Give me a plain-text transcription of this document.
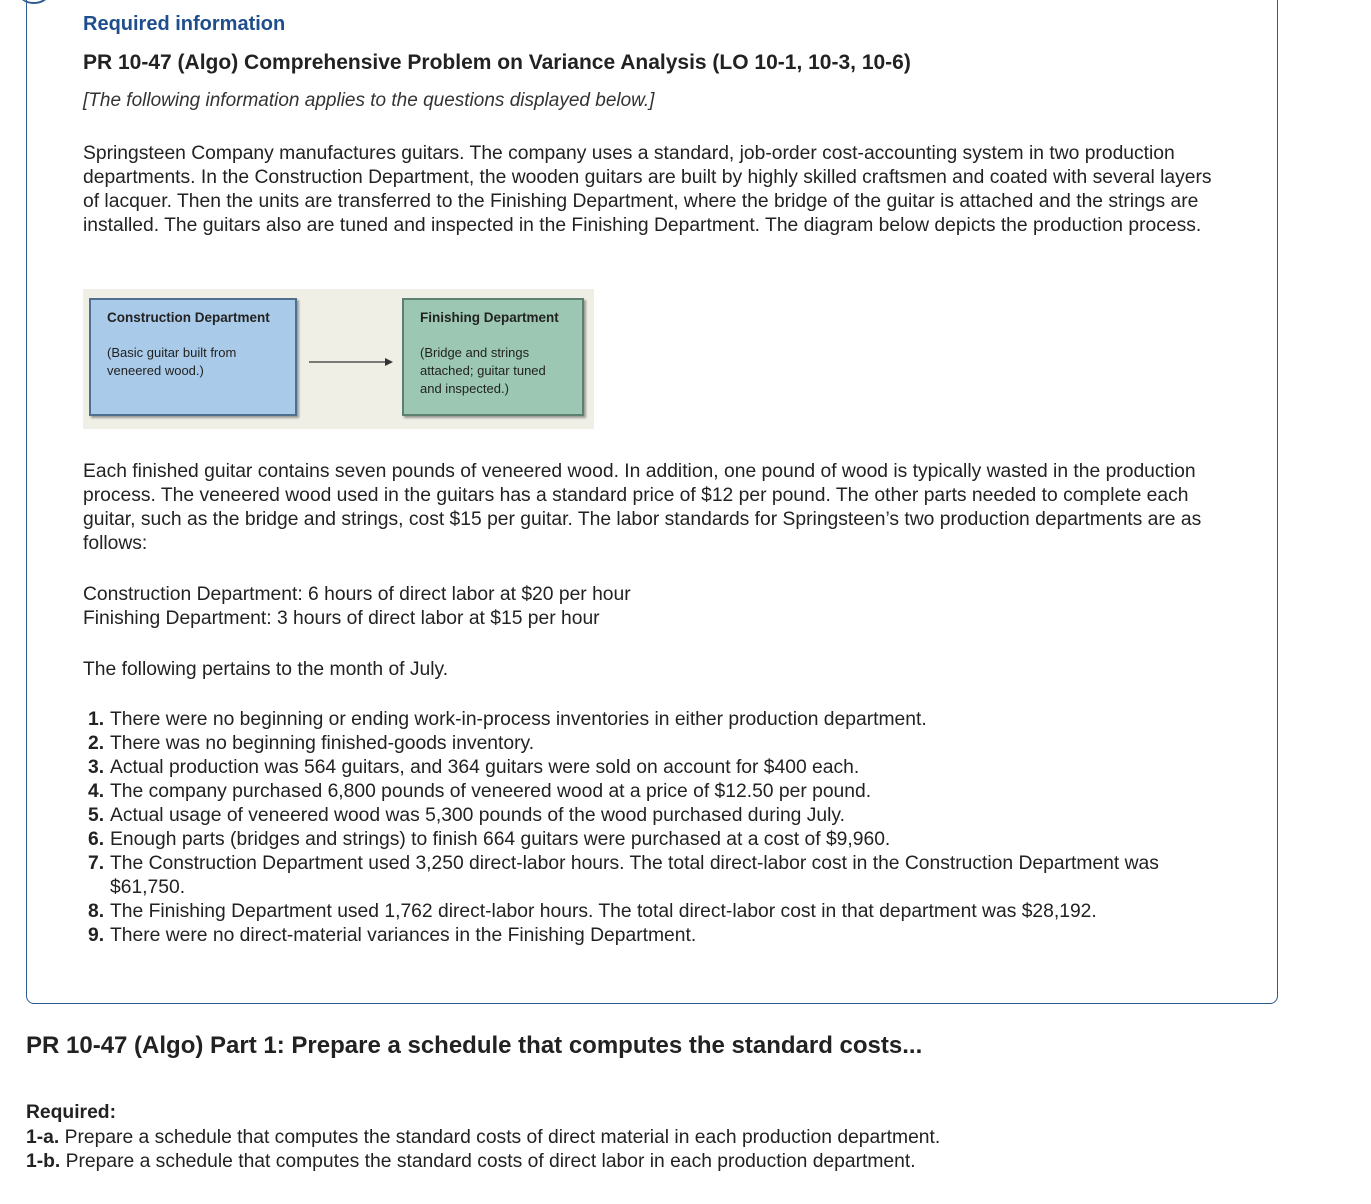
Required information
PR 10-47 (Algo) Comprehensive Problem on Variance Analysis (LO 10-1, 10-3, 10-6)
[The following information applies to the questions displayed below.]
Springsteen Company manufactures guitars. The company uses a standard, job-order cost-accounting system in two production departments. In the Construction Department, the wooden guitars are built by highly skilled craftsmen and coated with several layers of lacquer. Then the units are transferred to the Finishing Department, where the bridge of the guitar is attached and the strings are installed. The guitars also are tuned and inspected in the Finishing Department. The diagram below depicts the production process.
Construction Department
(Basic guitar built from veneered wood.)
Finishing Department
(Bridge and strings attached; guitar tuned and inspected.)
Each finished guitar contains seven pounds of veneered wood. In addition, one pound of wood is typically wasted in the production process. The veneered wood used in the guitars has a standard price of $12 per pound. The other parts needed to complete each guitar, such as the bridge and strings, cost $15 per guitar. The labor standards for Springsteen’s two production departments are as follows:
Construction Department: 6 hours of direct labor at $20 per hour
Finishing Department: 3 hours of direct labor at $15 per hour
The following pertains to the month of July.
1. There were no beginning or ending work-in-process inventories in either production department.
2. There was no beginning finished-goods inventory.
3. Actual production was 564 guitars, and 364 guitars were sold on account for $400 each.
4. The company purchased 6,800 pounds of veneered wood at a price of $12.50 per pound.
5. Actual usage of veneered wood was 5,300 pounds of the wood purchased during July.
6. Enough parts (bridges and strings) to finish 664 guitars were purchased at a cost of $9,960.
7. The Construction Department used 3,250 direct-labor hours. The total direct-labor cost in the Construction Department was $61,750.
8. The Finishing Department used 1,762 direct-labor hours. The total direct-labor cost in that department was $28,192.
9. There were no direct-material variances in the Finishing Department.
PR 10-47 (Algo) Part 1: Prepare a schedule that computes the standard costs...
Required:
1-a. Prepare a schedule that computes the standard costs of direct material in each production department.
1-b. Prepare a schedule that computes the standard costs of direct labor in each production department.
